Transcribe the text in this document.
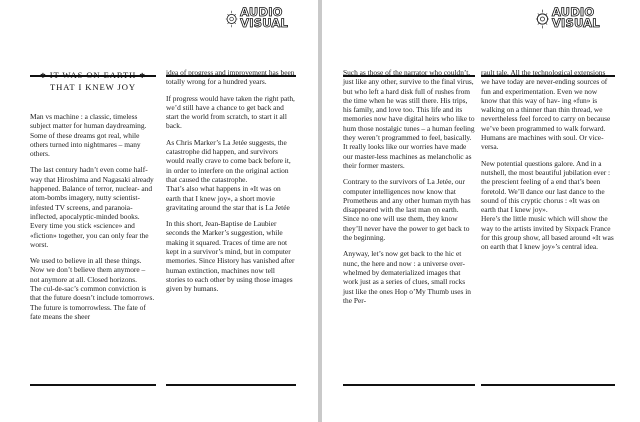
AUDIO VISUAL
✱ IT WAS ON EARTH ✱
THAT I KNEW JOY

Man vs machine : a classic, timeless subject matter for human daydreaming. Some of these dreams got real, while others turned into nightmares – many others.

The last century hadn’t even come half-way that Hiroshima and Nagasaki already happened. Balance of terror, nuclear- and atom-bombs imagery, nutty scientist-infested TV screens, and paranoia-inflected, apocalyptic-minded books. Every time you stick «science» and «fiction» together, you can only fear the worst.

We used to believe in all these things. Now we don’t believe them anymore – not anymore at all. Closed horizons.

The cul-de-sac’s common conviction is that the future doesn’t include tomorrows. The future is tomorrowless. The fate of fate means the sheer

idea of progress and improvement has been totally wrong for a hundred years.

If progress would have taken the right path, we’d still have a chance to get back and start the world from scratch, to start it all back.

As Chris Marker’s La Jetée suggests, the catastrophe did happen, and survivors would really crave to come back before it, in order to interfere on the original action that caused the catastrophe.

That’s also what happens in «It was on earth that I knew joy», a short movie gravitating around the star that is La Jetée

In this short, Jean-Baptise de Laubier seconds the Marker’s suggestion, while making it squared. Traces of time are not kept in a survivor’s mind, but in computer memories. Since History has vanished after human extinction, machines now tell stories to each other by using those images given by humans.

AUDIO VISUAL

Such as those of the narrator who couldn’t, just like any other, survive to the final virus, but who left a hard disk full of rushes from the time when he was still there. His trips, his family, and love too. This life and its memories now have digital heirs who like to hum those nostalgic tunes – a human feeling they weren’t programmed to feel, basically. It really looks like our worries have made our master-less machines as melancholic as their former masters.

Contrary to the survivors of La Jetée, our computer intelligences now know that Prometheus and any other human myth has disappeared with the last man on earth. Since no one will use them, they know they’ll never have the power to get back to the beginning.

Anyway, let’s now get back to the hic et nunc, the here and now : a universe over-whelmed by dematerialized images that work just as a series of clues, small rocks just like the ones Hop o’My Thumb uses in the Per-

rault tale. All the technological extensions we have today are never-ending sources of fun and experimentation. Even we now know that this way of hav- ing «fun» is walking on a thinner than thin thread, we nevertheless feel forced to carry on because we’ve been programmed to walk forward. Humans are machines with soul. Or vice-versa.

New potential questions galore. And in a nutshell, the most beautiful jubilation ever : the prescient feeling of a end that’s been foretold. We’ll dance our last dance to the sound of this cryptic chorus : «It was on earth that I knew joy».

Here’s the little music which will show the way to the artists invited by Sixpack France for this group show, all based around «It was on earth that I knew joy»’s central idea.
